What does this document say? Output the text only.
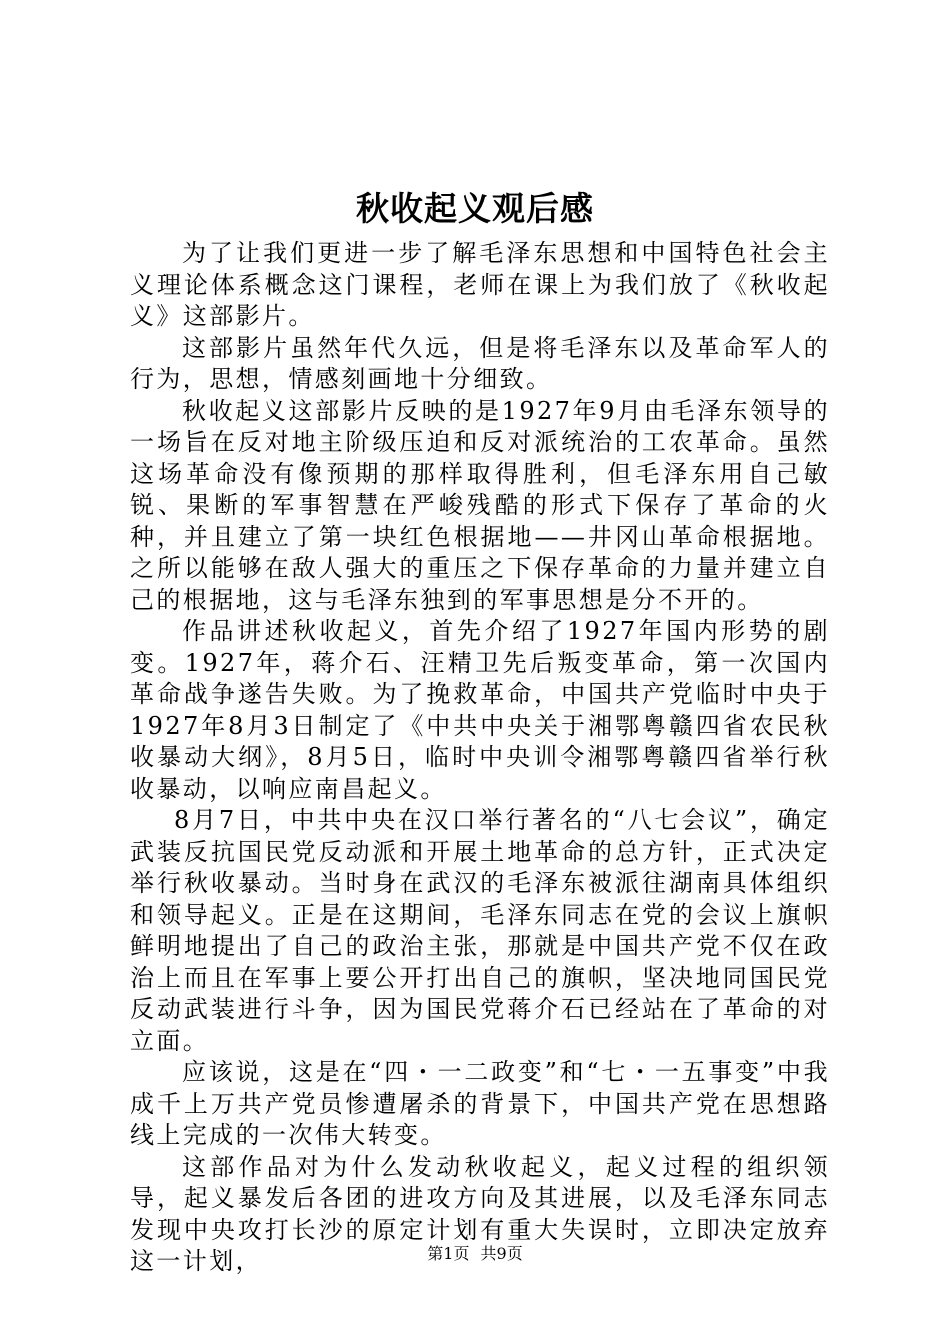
秋收起义观后感

为了让我们更进一步了解毛泽东思想和中国特色社会主义理论体系概念这门课程，老师在课上为我们放了《秋收起义》这部影片。

这部影片虽然年代久远，但是将毛泽东以及革命军人的行为，思想，情感刻画地十分细致。

秋收起义这部影片反映的是1927年9月由毛泽东领导的一场旨在反对地主阶级压迫和反对派统治的工农革命。虽然这场革命没有像预期的那样取得胜利，但毛泽东用自己敏锐、果断的军事智慧在严峻残酷的形式下保存了革命的火种，并且建立了第一块红色根据地——井冈山革命根据地。之所以能够在敌人强大的重压之下保存革命的力量并建立自己的根据地，这与毛泽东独到的军事思想是分不开的。

作品讲述秋收起义，首先介绍了1927年国内形势的剧变。1927年，蒋介石、汪精卫先后叛变革命，第一次国内革命战争遂告失败。为了挽救革命，中国共产党临时中央于1927年8月3日制定了《中共中央关于湘鄂粤赣四省农民秋收暴动大纲》，8月5日，临时中央训令湘鄂粤赣四省举行秋收暴动，以响应南昌起义。

8月7日，中共中央在汉口举行著名的“八七会议”，确定武装反抗国民党反动派和开展土地革命的总方针，正式决定举行秋收暴动。当时身在武汉的毛泽东被派往湖南具体组织和领导起义。正是在这期间，毛泽东同志在党的会议上旗帜鲜明地提出了自己的政治主张，那就是中国共产党不仅在政治上而且在军事上要公开打出自己的旗帜，坚决地同国民党反动武装进行斗争，因为国民党蒋介石已经站在了革命的对立面。

应该说，这是在“四・一二政变”和“七・一五事变”中我成千上万共产党员惨遭屠杀的背景下，中国共产党在思想路线上完成的一次伟大转变。

这部作品对为什么发动秋收起义，起义过程的组织领导，起义暴发后各团的进攻方向及其进展，以及毛泽东同志发现中央攻打长沙的原定计划有重大失误时，立即决定放弃这一计划，	第1页 共9页
